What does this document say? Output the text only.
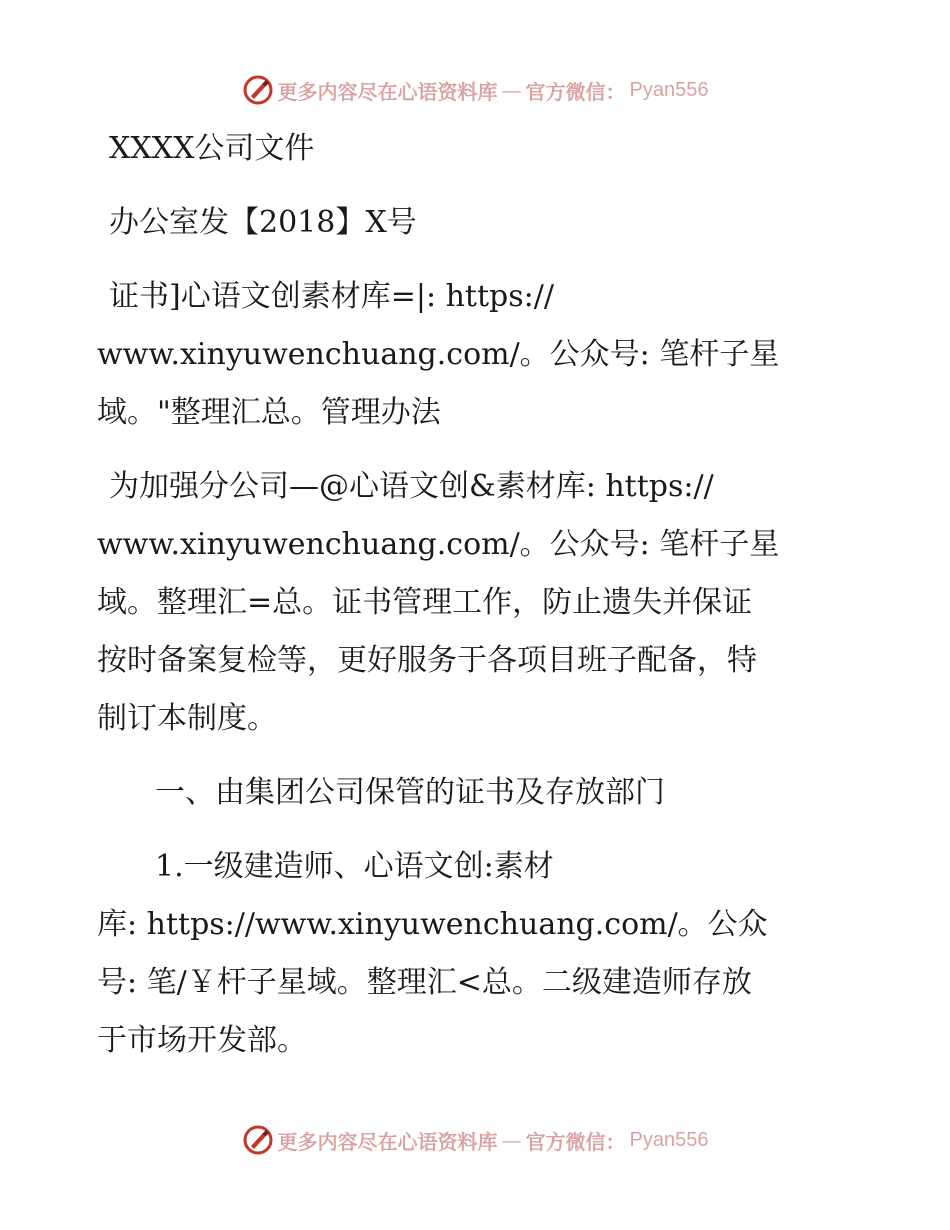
更多内容尽在心语资料库 — 官方微信： Pyan556

XXXX公司文件

办公室发【2018】X号

证书]心语文创素材库=|: https://

www.xinyuwenchuang.com/。公众号: 笔杆子星

域。"整理汇总。管理办法

为加强分公司—@心语文创&素材库: https://

www.xinyuwenchuang.com/。公众号: 笔杆子星

域。整理汇=总。证书管理工作，防止遗失并保证

按时备案复检等，更好服务于各项目班子配备，特

制订本制度。

一、由集团公司保管的证书及存放部门

1.一级建造师、心语文创:素材

库: https://www.xinyuwenchuang.com/。公众

号: 笔/￥杆子星域。整理汇<总。二级建造师存放

于市场开发部。

更多内容尽在心语资料库 — 官方微信： Pyan556
